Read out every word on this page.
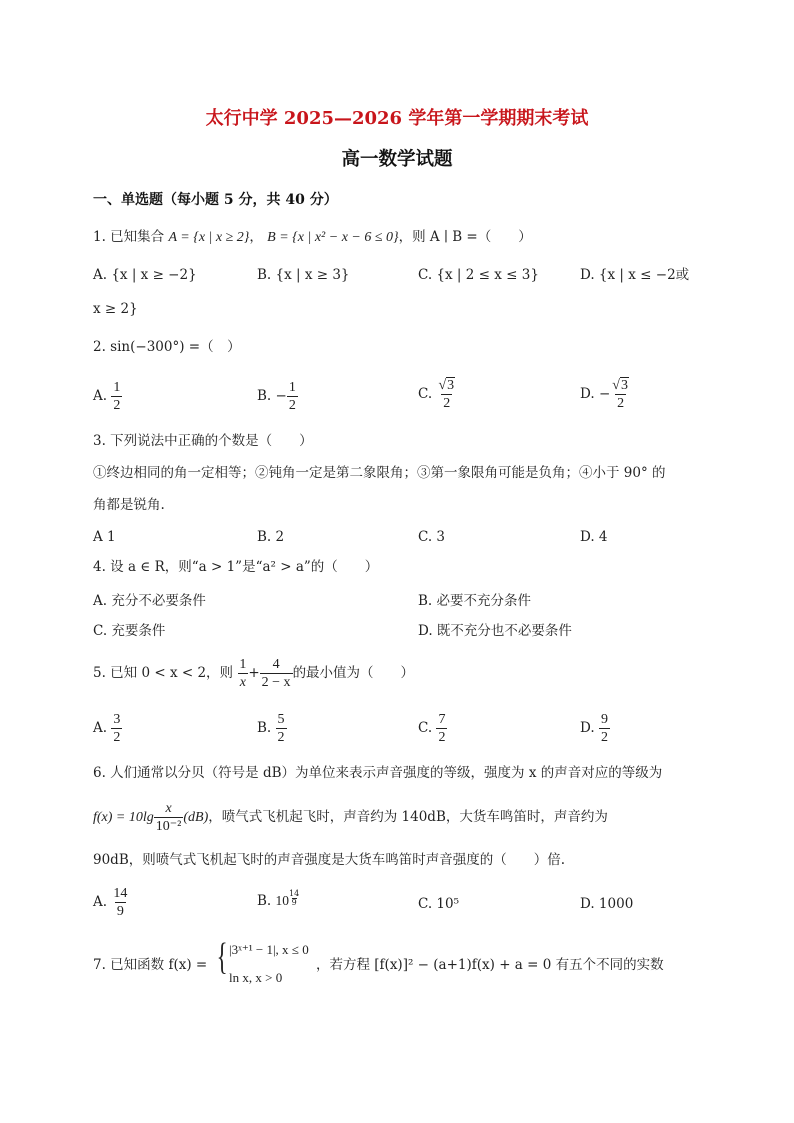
太行中学 2025—2026 学年第一学期期末考试
高一数学试题
一、单选题（每小题 5 分，共 40 分）
1. 已知集合 A = {x | x ≥ 2}， B = {x | x² − x − 6 ≤ 0}，则 A ∣ B =（　　）
A. {x | x ≥ −2}	B. {x | x ≥ 3}	C. {x | 2 ≤ x ≤ 3}	D. {x | x ≤ −2或
x ≥ 2}
2. sin(−300°) =（　）
A. $\frac{1}{2}$	B. − $\frac{1}{2}$	C. $\frac{√3}{2}$	D. − $\frac{√3}{2}$
3. 下列说法中正确的个数是（　　）
①终边相同的角一定相等；②钝角一定是第二象限角；③第一象限角可能是负角；④小于 90° 的
角都是锐角.
A 1	B. 2	C. 3	D. 4
4. 设 a ∈ R，则“a > 1”是“a² > a”的（　　）
A. 充分不必要条件	B. 必要不充分条件
C. 充要条件	D. 既不充分也不必要条件
5. 已知 0 < x < 2，则 $\frac{1}{x} + \frac{4}{2 - x}$ 的最小值为（　　）
A. $\frac{3}{2}$	B. $\frac{5}{2}$	C. $\frac{7}{2}$	D. $\frac{9}{2}$
6. 人们通常以分贝（符号是 dB）为单位来表示声音强度的等级，强度为 x 的声音对应的等级为
$f(x) = 10\lg \frac{x}{\text{10⁻²}} (dB)$，喷气式飞机起飞时，声音约为 140dB，大货车鸣笛时，声音约为
90dB，则喷气式飞机起飞时的声音强度是大货车鸣笛时声音强度的（　　）倍.
A. $\frac{14}{9}$	B. $10 \frac{14}{9}$	C. 10⁵	D. 1000
7. 已知函数 f(x) = { |3ˣ⁺¹ − 1|, x ≤ 0
ln x, x > 0
，若方程 [f(x)]² − (a+1)f(x) + a = 0 有五个不同的实数
